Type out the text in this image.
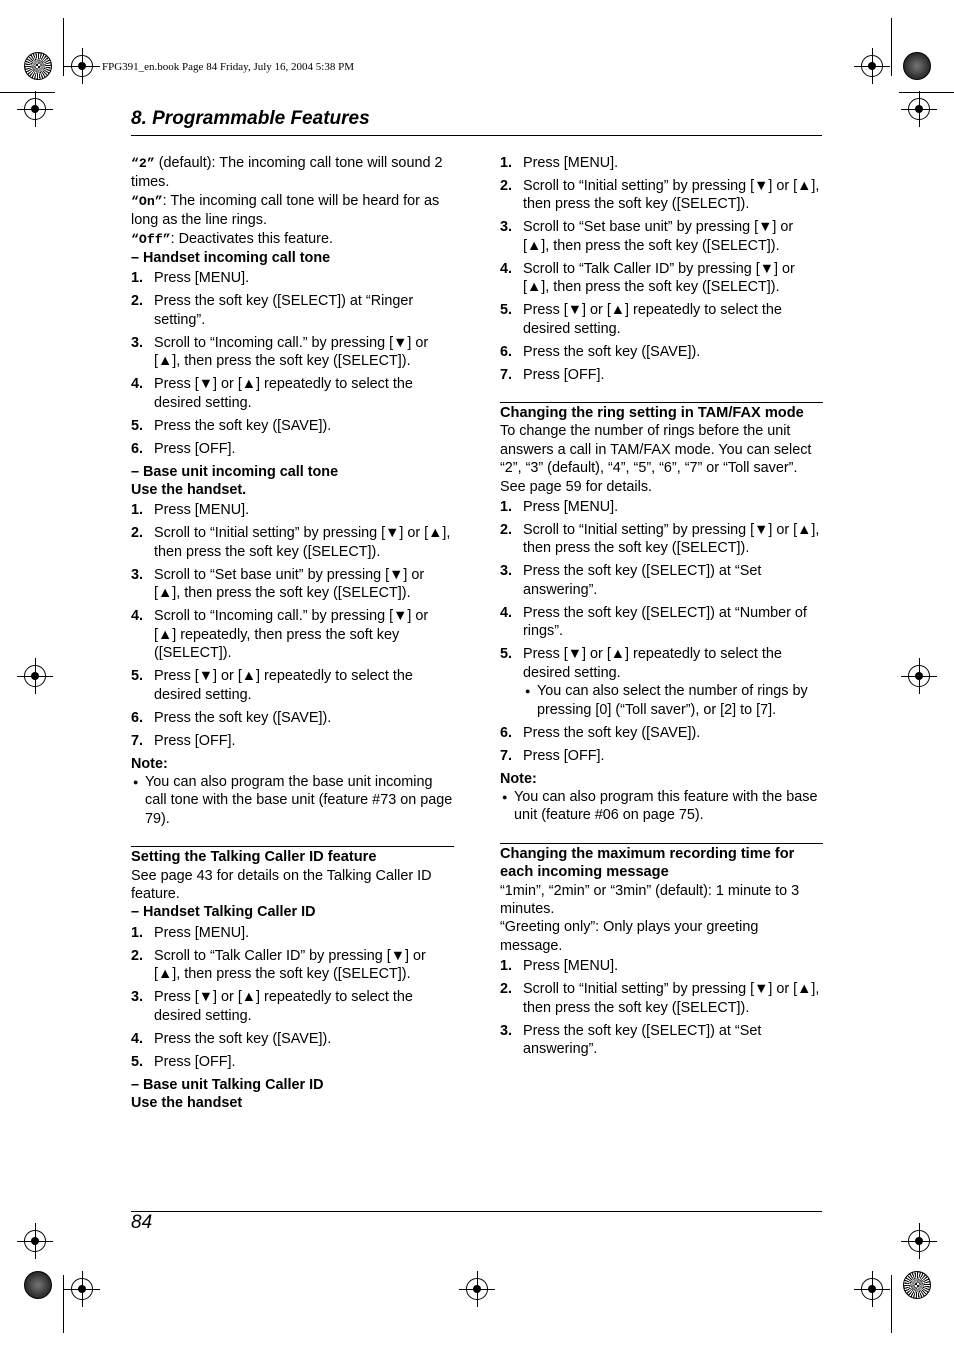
FPG391_en.book Page 84 Friday, July 16, 2004 5:38 PM
8. Programmable Features

“2” (default): The incoming call tone will sound 2 times.

“On”: The incoming call tone will be heard for as long as the line rings.

“Off”: Deactivates this feature.

– Handset incoming call tone

1. Press [MENU].
2. Press the soft key ([SELECT]) at “Ringer setting”.
3. Scroll to “Incoming call.” by pressing [▼] or [▲], then press the soft key ([SELECT]).
4. Press [▼] or [▲] repeatedly to select the desired setting.
5. Press the soft key ([SAVE]).
6. Press [OFF].

– Base unit incoming call tone

Use the handset.

1. Press [MENU].
2. Scroll to “Initial setting” by pressing [▼] or [▲], then press the soft key ([SELECT]).
3. Scroll to “Set base unit” by pressing [▼] or [▲], then press the soft key ([SELECT]).
4. Scroll to “Incoming call.” by pressing [▼] or [▲] repeatedly, then press the soft key ([SELECT]).
5. Press [▼] or [▲] repeatedly to select the desired setting.
6. Press the soft key ([SAVE]).
7. Press [OFF].

Note:

● You can also program the base unit incoming call tone with the base unit (feature #73 on page 79).

Setting the Talking Caller ID feature

See page 43 for details on the Talking Caller ID feature.

– Handset Talking Caller ID

1. Press [MENU].
2. Scroll to “Talk Caller ID” by pressing [▼] or [▲], then press the soft key ([SELECT]).
3. Press [▼] or [▲] repeatedly to select the desired setting.
4. Press the soft key ([SAVE]).
5. Press [OFF].

– Base unit Talking Caller ID

Use the handset

1. Press [MENU].
2. Scroll to “Initial setting” by pressing [▼] or [▲], then press the soft key ([SELECT]).
3. Scroll to “Set base unit” by pressing [▼] or [▲], then press the soft key ([SELECT]).
4. Scroll to “Talk Caller ID” by pressing [▼] or [▲], then press the soft key ([SELECT]).
5. Press [▼] or [▲] repeatedly to select the desired setting.
6. Press the soft key ([SAVE]).
7. Press [OFF].
Changing the ring setting in TAM/FAX mode

To change the number of rings before the unit answers a call in TAM/FAX mode. You can select “2”, “3” (default), “4”, “5”, “6”, “7” or “Toll saver”. See page 59 for details.

1. Press [MENU].
2. Scroll to “Initial setting” by pressing [▼] or [▲], then press the soft key ([SELECT]).
3. Press the soft key ([SELECT]) at “Set answering”.
4. Press the soft key ([SELECT]) at “Number of rings”.
5. Press [▼] or [▲] repeatedly to select the desired setting.
● You can also select the number of rings by pressing [0] (“Toll saver”), or [2] to [7].
6. Press the soft key ([SAVE]).
7. Press [OFF].

Note:

● You can also program this feature with the base unit (feature #06 on page 75).

Changing the maximum recording time for each incoming message

“1min”, “2min” or “3min” (default): 1 minute to 3 minutes.

“Greeting only”: Only plays your greeting message.

1. Press [MENU].
2. Scroll to “Initial setting” by pressing [▼] or [▲], then press the soft key ([SELECT]).
3. Press the soft key ([SELECT]) at “Set answering”.
84
